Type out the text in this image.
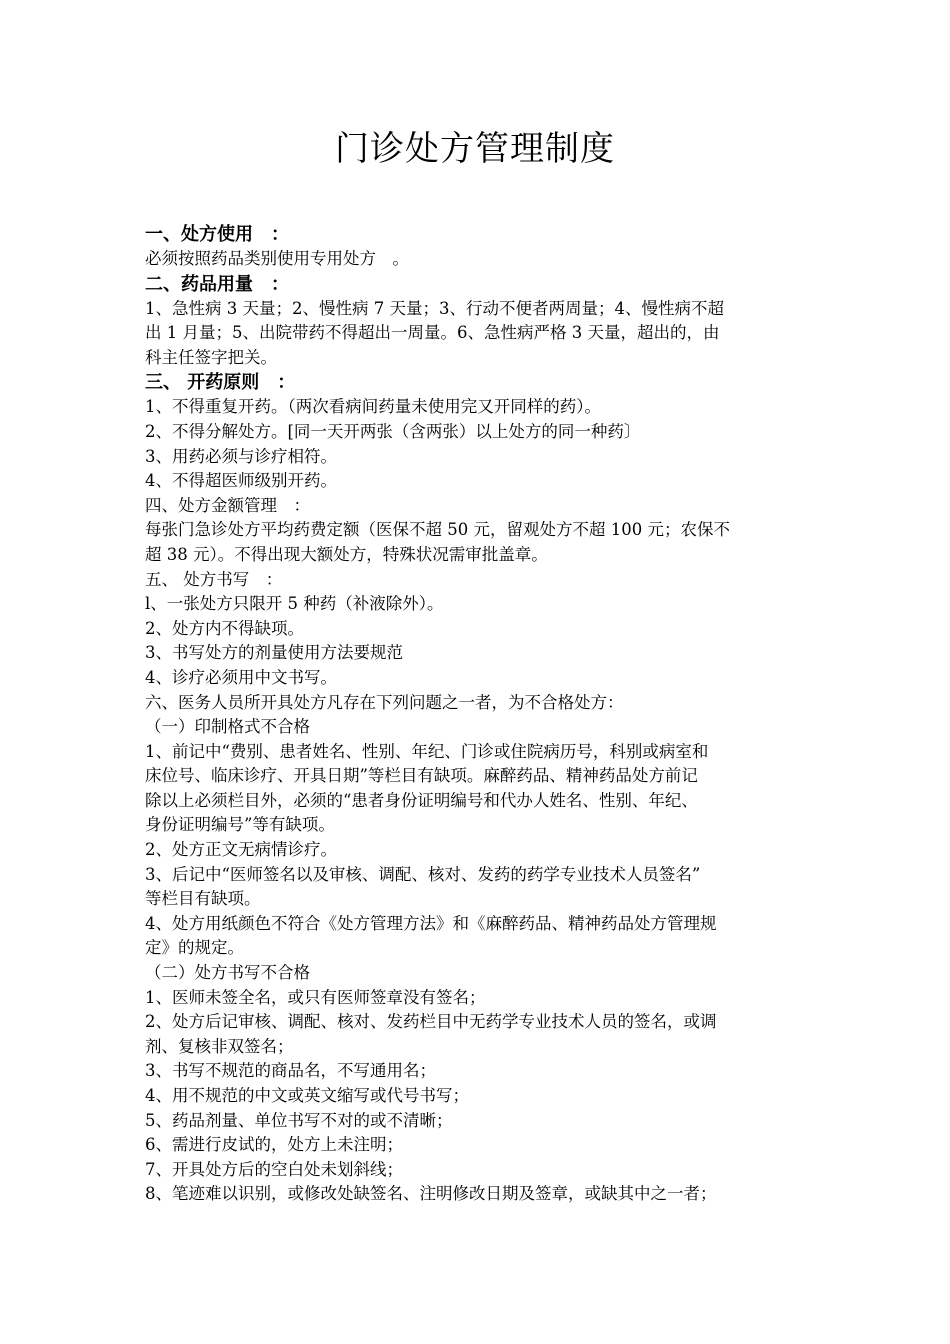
门诊处方管理制度
一、处方使用　：
必须按照药品类别使用专用处方　。
二、药品用量　：
1、急性病 3 天量；2、慢性病 7 天量；3、行动不便者两周量；4、慢性病不超
出 1 月量；5、出院带药不得超出一周量。6、急性病严格 3 天量，超出的，由
科主任签字把关。
三、 开药原则　：
1、不得重复开药。（两次看病间药量未使用完又开同样的药）。
2、不得分解处方。[同一天开两张（含两张）以上处方的同一种药〕
3、用药必须与诊疗相符。
4、不得超医师级别开药。
四、处方金额管理　：
每张门急诊处方平均药费定额（医保不超 50 元，留观处方不超 100 元；农保不
超 38 元）。不得出现大额处方，特殊状况需审批盖章。
五、 处方书写　：
l、一张处方只限开 5 种药（补液除外）。
2、处方内不得缺项。
3、书写处方的剂量使用方法要规范
4、诊疗必须用中文书写。
六、医务人员所开具处方凡存在下列问题之一者，为不合格处方：
（一）印制格式不合格
1、前记中“费别、患者姓名、性别、年纪、门诊或住院病历号，科别或病室和
床位号、临床诊疗、开具日期”等栏目有缺项。麻醉药品、精神药品处方前记
除以上必须栏目外，必须的“患者身份证明编号和代办人姓名、性别、年纪、
身份证明编号”等有缺项。
2、处方正文无病情诊疗。
3、后记中“医师签名以及审核、调配、核对、发药的药学专业技术人员签名”
等栏目有缺项。
4、处方用纸颜色不符合《处方管理方法》和《麻醉药品、精神药品处方管理规
定》的规定。
（二）处方书写不合格
1、医师未签全名，或只有医师签章没有签名；
2、处方后记审核、调配、核对、发药栏目中无药学专业技术人员的签名，或调
剂、复核非双签名；
3、书写不规范的商品名，不写通用名；
4、用不规范的中文或英文缩写或代号书写；
5、药品剂量、单位书写不对的或不清晰；
6、需进行皮试的，处方上未注明；
7、开具处方后的空白处未划斜线；
8、笔迹难以识别，或修改处缺签名、注明修改日期及签章，或缺其中之一者；
